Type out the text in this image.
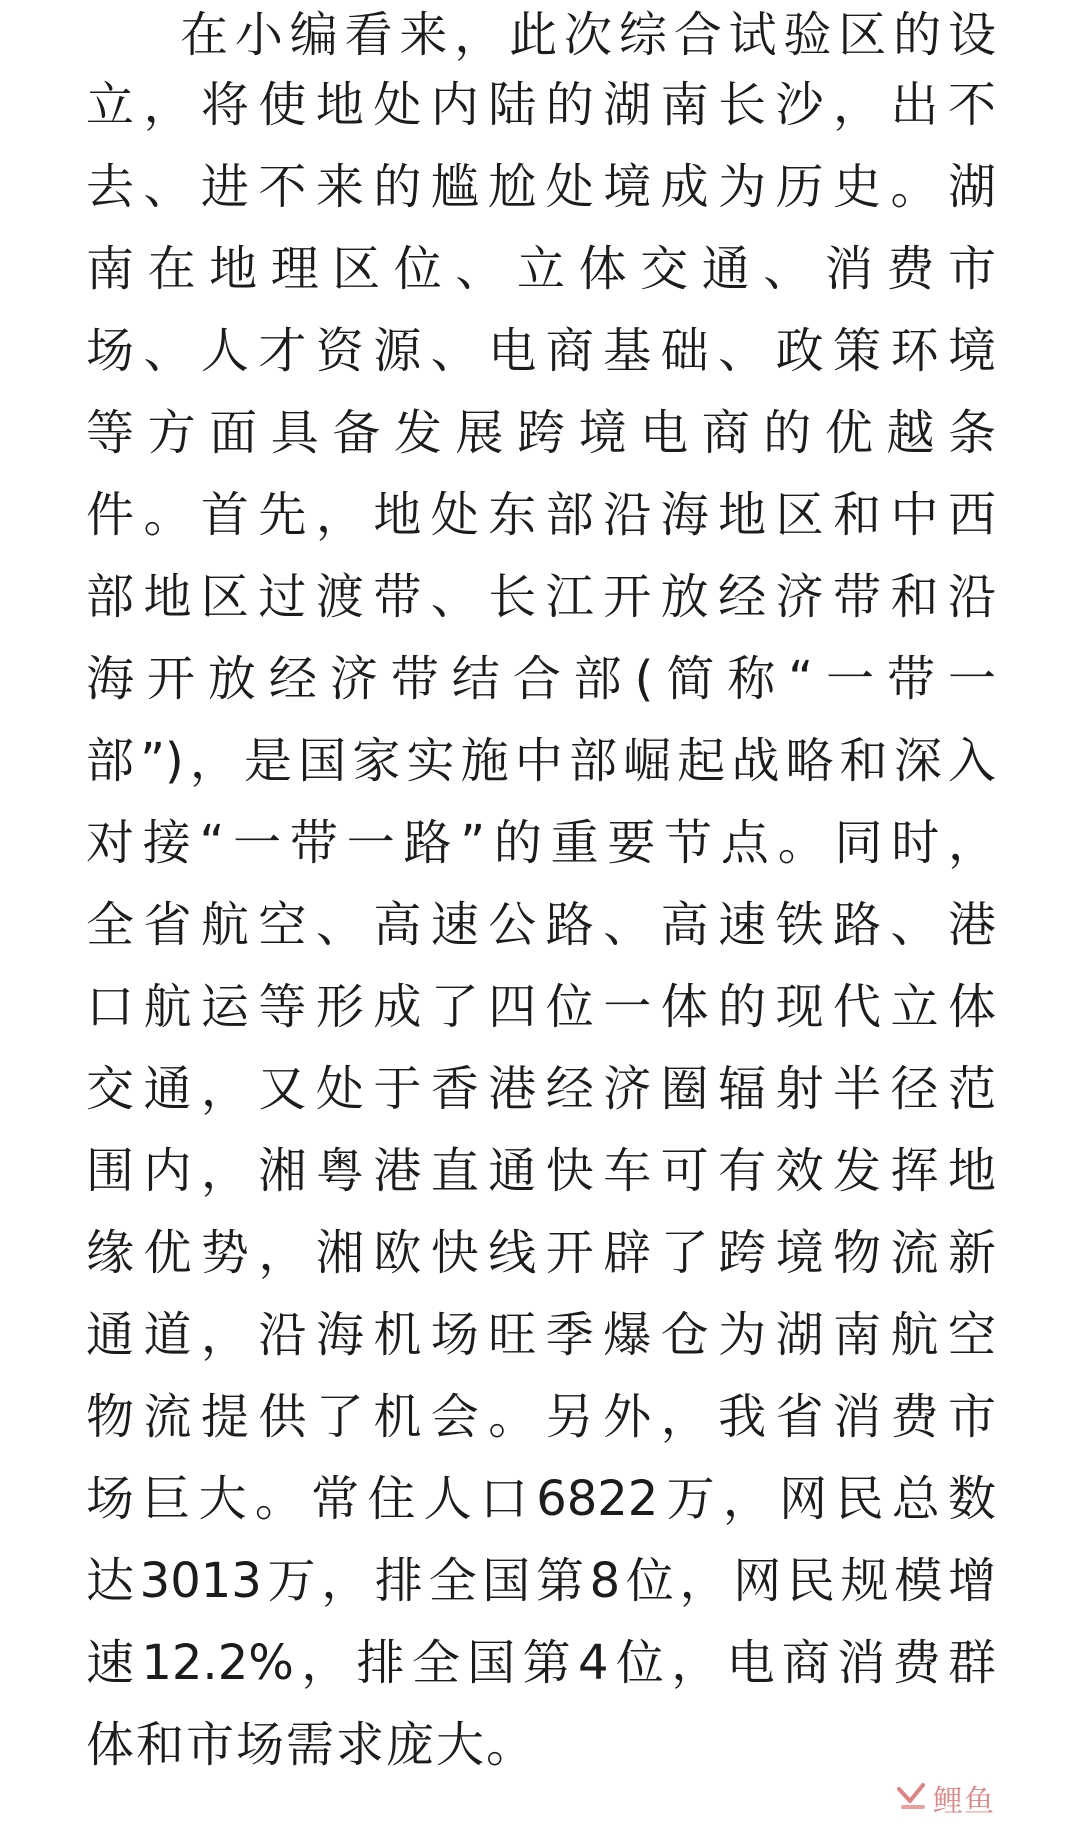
在小编看来，此次综合试验区的设
立，将使地处内陆的湖南长沙，出不
去、进不来的尴尬处境成为历史。湖
南在地理区位、立体交通、消费市
场、人才资源、电商基础、政策环境
等方面具备发展跨境电商的优越条
件。首先，地处东部沿海地区和中西
部地区过渡带、长江开放经济带和沿
海开放经济带结合部(简称“一带一
部”)，是国家实施中部崛起战略和深入
对接“一带一路”的重要节点。同时，
全省航空、高速公路、高速铁路、港
口航运等形成了四位一体的现代立体
交通，又处于香港经济圈辐射半径范
围内，湘粤港直通快车可有效发挥地
缘优势，湘欧快线开辟了跨境物流新
通道，沿海机场旺季爆仓为湖南航空
物流提供了机会。另外，我省消费市
场巨大。常住人口6822万，网民总数
达3013万，排全国第8位，网民规模增
速12.2%，排全国第4位，电商消费群
体和市场需求庞大。
鲤鱼
